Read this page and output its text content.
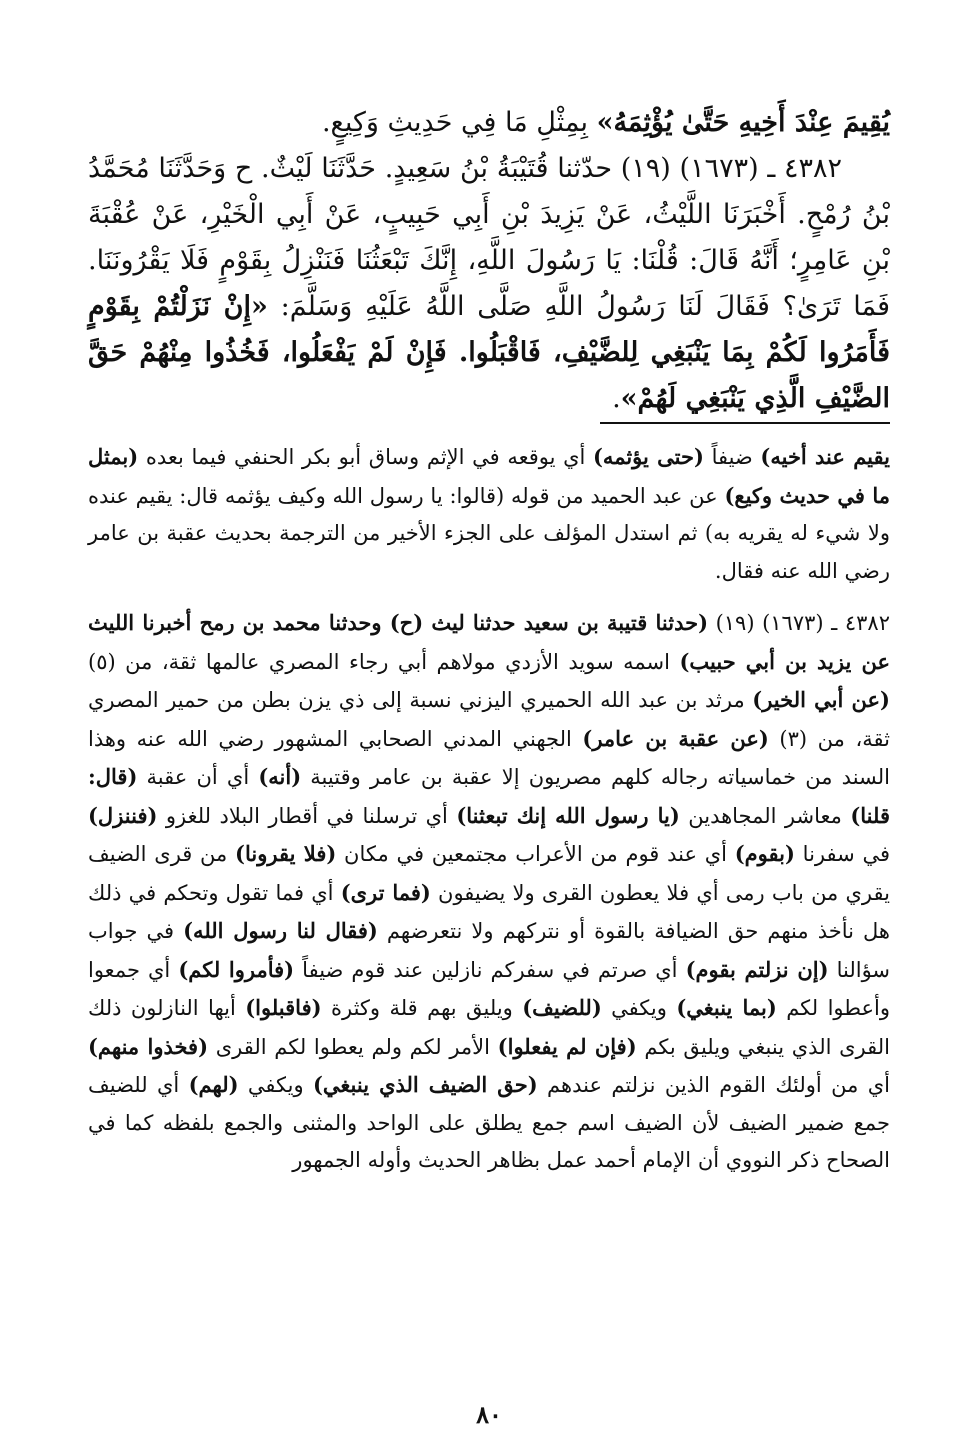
يُقِيمَ عِنْدَ أَخِيهِ حَتَّىٰ يُؤْثِمَهُ» بِمِثْلِ مَا فِي حَدِيثِ وَكِيعٍ.

٤٣٨٢ ـ (١٦٧٣) (١٩) حدّثنا قُتَيْبَةُ بْنُ سَعِيدٍ. حَدَّثَنَا لَيْثٌ. ح وَحَدَّثَنَا مُحَمَّدُ بْنُ رُمْحٍ. أَخْبَرَنَا اللَّيْثُ، عَنْ يَزِيدَ بْنِ أَبِي حَبِيبٍ، عَنْ أَبِي الْخَيْرِ، عَنْ عُقْبَةَ بْنِ عَامِرٍ؛ أَنَّهُ قَالَ: قُلْنَا: يَا رَسُولَ اللَّهِ، إِنَّكَ تَبْعَثُنَا فَنَنْزِلُ بِقَوْمٍ فَلَا يَقْرُونَنَا. فَمَا تَرَىٰ؟ فَقَالَ لَنَا رَسُولُ اللَّهِ صَلَّى اللَّهُ عَلَيْهِ وَسَلَّمَ: «إِنْ نَزَلْتُمْ بِقَوْمٍ فَأَمَرُوا لَكُمْ بِمَا يَنْبَغِي لِلضَّيْفِ، فَاقْبَلُوا. فَإِنْ لَمْ يَفْعَلُوا، فَخُذُوا مِنْهُمْ حَقَّ الضَّيْفِ الَّذِي يَنْبَغِي لَهُمْ».

يقيم عند أخيه) ضيفاً (حتى يؤثمه) أي يوقعه في الإثم وساق أبو بكر الحنفي فيما بعده (بمثل ما في حديث وكيع) عن عبد الحميد من قوله (قالوا: يا رسول الله وكيف يؤثمه قال: يقيم عنده ولا شيء له يقريه به) ثم استدل المؤلف على الجزء الأخير من الترجمة بحديث عقبة بن عامر رضي الله عنه فقال.

٤٣٨٢ ـ (١٦٧٣) (١٩) (حدثنا قتيبة بن سعيد حدثنا ليث (ح) وحدثنا محمد بن رمح أخبرنا الليث عن يزيد بن أبي حبيب) اسمه سويد الأزدي مولاهم أبي رجاء المصري عالمها ثقة، من (٥) (عن أبي الخير) مرثد بن عبد الله الحميري اليزني نسبة إلى ذي يزن بطن من حمير المصري ثقة، من (٣) (عن عقبة بن عامر) الجهني المدني الصحابي المشهور رضي الله عنه وهذا السند من خماسياته رجاله كلهم مصريون إلا عقبة بن عامر وقتيبة (أنه) أي أن عقبة (قال: قلنا) معاشر المجاهدين (يا رسول الله إنك تبعثنا) أي ترسلنا في أقطار البلاد للغزو (فننزل) في سفرنا (بقوم) أي عند قوم من الأعراب مجتمعين في مكان (فلا يقرونا) من قرى الضيف يقري من باب رمى أي فلا يعطون القرى ولا يضيفون (فما ترى) أي فما تقول وتحكم في ذلك هل نأخذ منهم حق الضيافة بالقوة أو نتركهم ولا نتعرضهم (فقال لنا رسول الله) في جواب سؤالنا (إن نزلتم بقوم) أي صرتم في سفركم نازلين عند قوم ضيفاً (فأمروا لكم) أي جمعوا وأعطوا لكم (بما ينبغي) ويكفي (للضيف) ويليق بهم قلة وكثرة (فاقبلوا) أيها النازلون ذلك القرى الذي ينبغي ويليق بكم (فإن لم يفعلوا) الأمر لكم ولم يعطوا لكم القرى (فخذوا منهم) أي من أولئك القوم الذين نزلتم عندهم (حق الضيف الذي ينبغي) ويكفي (لهم) أي للضيف جمع ضمير الضيف لأن الضيف اسم جمع يطلق على الواحد والمثنى والجمع بلفظه كما في الصحاح ذكر النووي أن الإمام أحمد عمل بظاهر الحديث وأوله الجمهور

٨٠
